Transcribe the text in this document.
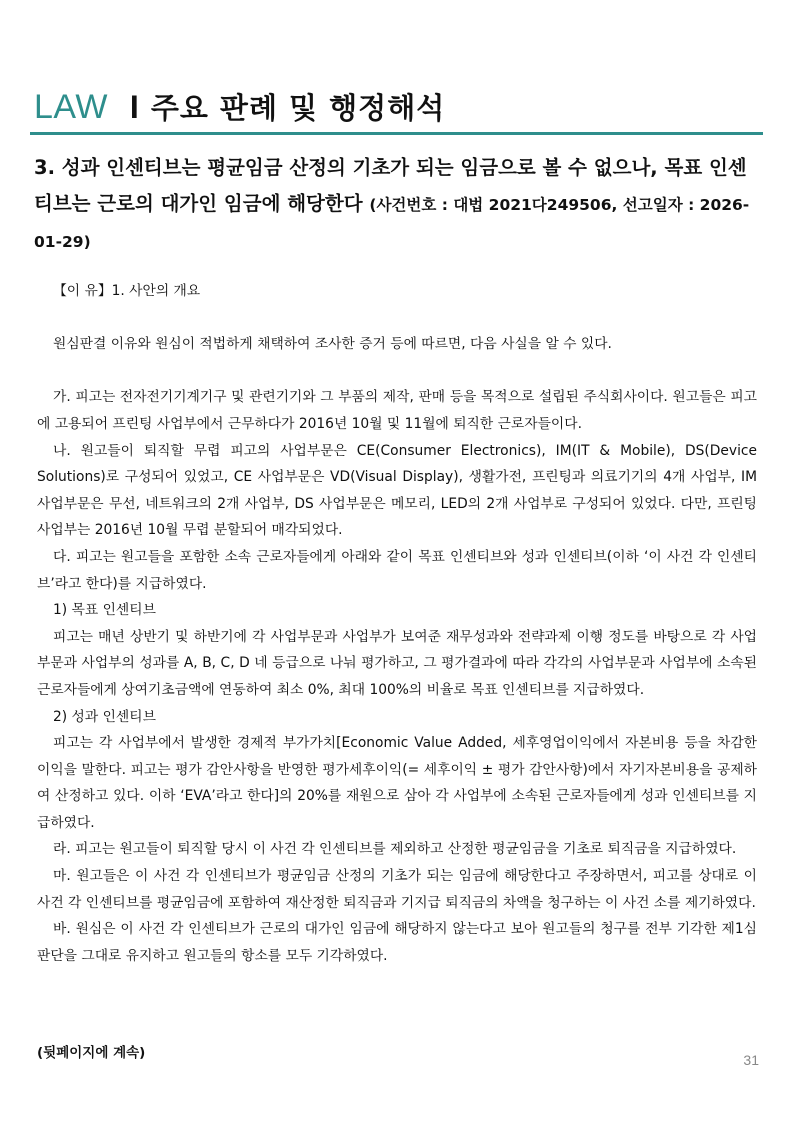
LAW I 주요 판례 및 행정해석
3. 성과 인센티브는 평균임금 산정의 기초가 되는 임금으로 볼 수 없으나, 목표 인센티브는 근로의 대가인 임금에 해당한다 (사건번호 : 대법 2021다249506, 선고일자 : 2026-01-29)

【이 유】1. 사안의 개요

원심판결 이유와 원심이 적법하게 채택하여 조사한 증거 등에 따르면, 다음 사실을 알 수 있다.

가. 피고는 전자전기기계기구 및 관련기기와 그 부품의 제작, 판매 등을 목적으로 설립된 주식회사이다. 원고들은 피고에 고용되어 프린팅 사업부에서 근무하다가 2016년 10월 및 11월에 퇴직한 근로자들이다.

나. 원고들이 퇴직할 무렵 피고의 사업부문은 CE(Consumer Electronics), IM(IT & Mobile), DS(Device Solutions)로 구성되어 있었고, CE 사업부문은 VD(Visual Display), 생활가전, 프린팅과 의료기기의 4개 사업부, IM 사업부문은 무선, 네트워크의 2개 사업부, DS 사업부문은 메모리, LED의 2개 사업부로 구성되어 있었다. 다만, 프린팅 사업부는 2016년 10월 무렵 분할되어 매각되었다.

다. 피고는 원고들을 포함한 소속 근로자들에게 아래와 같이 목표 인센티브와 성과 인센티브(이하 ‘이 사건 각 인센티브’라고 한다)를 지급하였다.

1) 목표 인센티브

피고는 매년 상반기 및 하반기에 각 사업부문과 사업부가 보여준 재무성과와 전략과제 이행 정도를 바탕으로 각 사업부문과 사업부의 성과를 A, B, C, D 네 등급으로 나눠 평가하고, 그 평가결과에 따라 각각의 사업부문과 사업부에 소속된 근로자들에게 상여기초금액에 연동하여 최소 0%, 최대 100%의 비율로 목표 인센티브를 지급하였다.

2) 성과 인센티브

피고는 각 사업부에서 발생한 경제적 부가가치[Economic Value Added, 세후영업이익에서 자본비용 등을 차감한 이익을 말한다. 피고는 평가 감안사항을 반영한 평가세후이익(= 세후이익 ± 평가 감안사항)에서 자기자본비용을 공제하여 산정하고 있다. 이하 ‘EVA’라고 한다]의 20%를 재원으로 삼아 각 사업부에 소속된 근로자들에게 성과 인센티브를 지급하였다.

라. 피고는 원고들이 퇴직할 당시 이 사건 각 인센티브를 제외하고 산정한 평균임금을 기초로 퇴직금을 지급하였다.

마. 원고들은 이 사건 각 인센티브가 평균임금 산정의 기초가 되는 임금에 해당한다고 주장하면서, 피고를 상대로 이 사건 각 인센티브를 평균임금에 포함하여 재산정한 퇴직금과 기지급 퇴직금의 차액을 청구하는 이 사건 소를 제기하였다.

바. 원심은 이 사건 각 인센티브가 근로의 대가인 임금에 해당하지 않는다고 보아 원고들의 청구를 전부 기각한 제1심 판단을 그대로 유지하고 원고들의 항소를 모두 기각하였다.

(뒷페이지에 계속)	31
